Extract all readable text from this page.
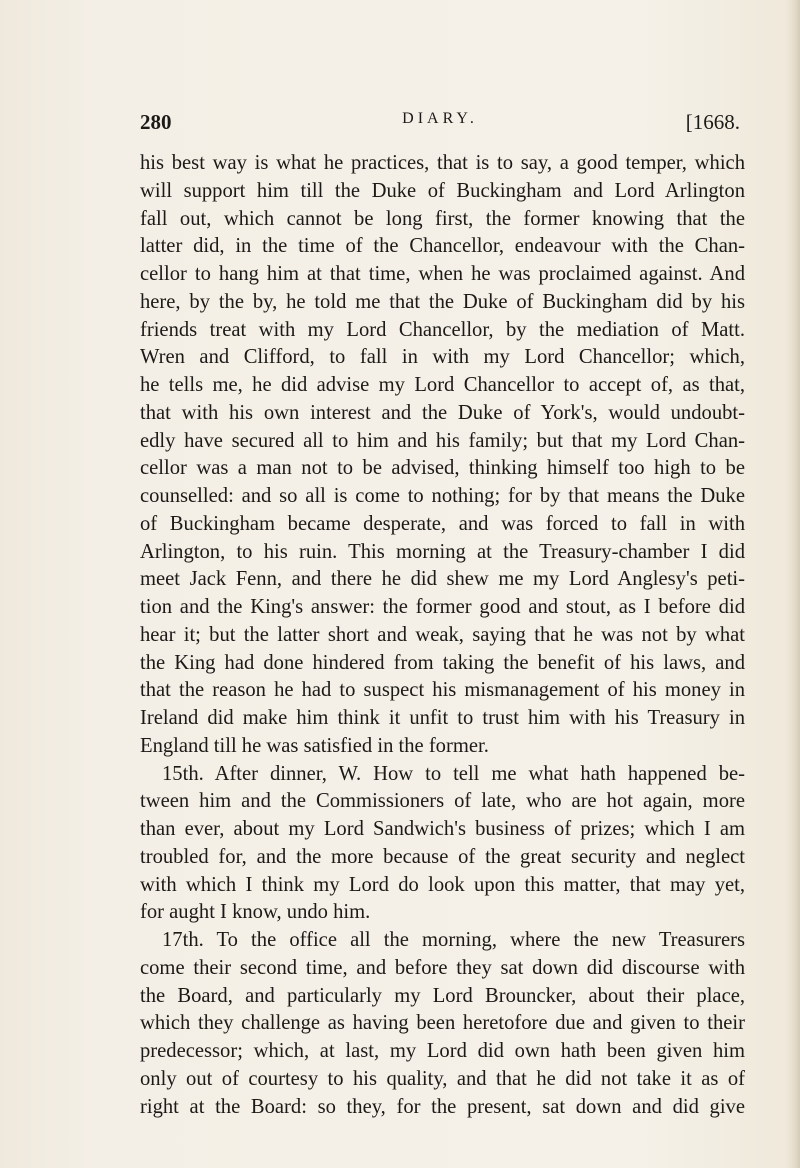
280	DIARY.	[1668.
his best way is what he practices, that is to say, a good temper, which
will support him till the Duke of Buckingham and Lord Arlington
fall out, which cannot be long first, the former knowing that the
latter did, in the time of the Chancellor, endeavour with the Chan-
cellor to hang him at that time, when he was proclaimed against. And
here, by the by, he told me that the Duke of Buckingham did by his
friends treat with my Lord Chancellor, by the mediation of Matt.
Wren and Clifford, to fall in with my Lord Chancellor; which,
he tells me, he did advise my Lord Chancellor to accept of, as that,
that with his own interest and the Duke of York's, would undoubt-
edly have secured all to him and his family; but that my Lord Chan-
cellor was a man not to be advised, thinking himself too high to be
counselled: and so all is come to nothing; for by that means the Duke
of Buckingham became desperate, and was forced to fall in with
Arlington, to his ruin. This morning at the Treasury-chamber I did
meet Jack Fenn, and there he did shew me my Lord Anglesy's peti-
tion and the King's answer: the former good and stout, as I before did
hear it; but the latter short and weak, saying that he was not by what
the King had done hindered from taking the benefit of his laws, and
that the reason he had to suspect his mismanagement of his money in
Ireland did make him think it unfit to trust him with his Treasury in
England till he was satisfied in the former.
15th. After dinner, W. How to tell me what hath happened be-
tween him and the Commissioners of late, who are hot again, more
than ever, about my Lord Sandwich's business of prizes; which I am
troubled for, and the more because of the great security and neglect
with which I think my Lord do look upon this matter, that may yet,
for aught I know, undo him.
17th. To the office all the morning, where the new Treasurers
come their second time, and before they sat down did discourse with
the Board, and particularly my Lord Brouncker, about their place,
which they challenge as having been heretofore due and given to their
predecessor; which, at last, my Lord did own hath been given him
only out of courtesy to his quality, and that he did not take it as of
right at the Board: so they, for the present, sat down and did give
